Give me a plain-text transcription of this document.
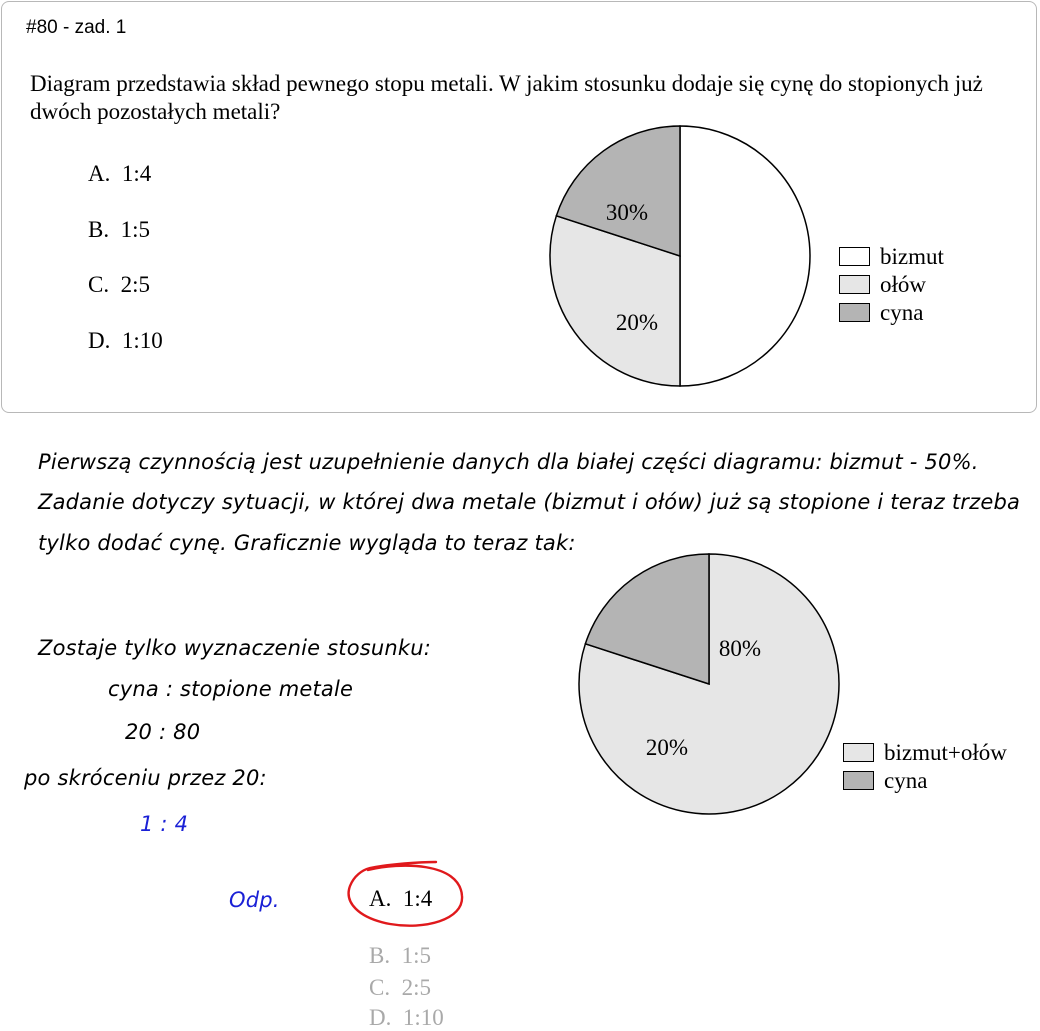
#80 - zad. 1
Diagram przedstawia skład pewnego stopu metali. W jakim stosunku dodaje się cynę do stopionych już dwóch pozostałych metali?
A. 1:4
B. 1:5
C. 2:5
D. 1:10
30%
20%
bizmut
ołów
cyna
Pierwszą czynnością jest uzupełnienie danych dla białej części diagramu: bizmut - 50%.
Zadanie dotyczy sytuacji, w której dwa metale (bizmut i ołów) już są stopione i teraz trzeba
tylko dodać cynę. Graficznie wygląda to teraz tak:
Zostaje tylko wyznaczenie stosunku:
cyna : stopione metale
20 : 80
po skróceniu przez 20:
1 : 4
Odp.
80%
20%	bizmut+ołów
cyna
A. 1:4
B. 1:5
C. 2:5
D. 1:10
